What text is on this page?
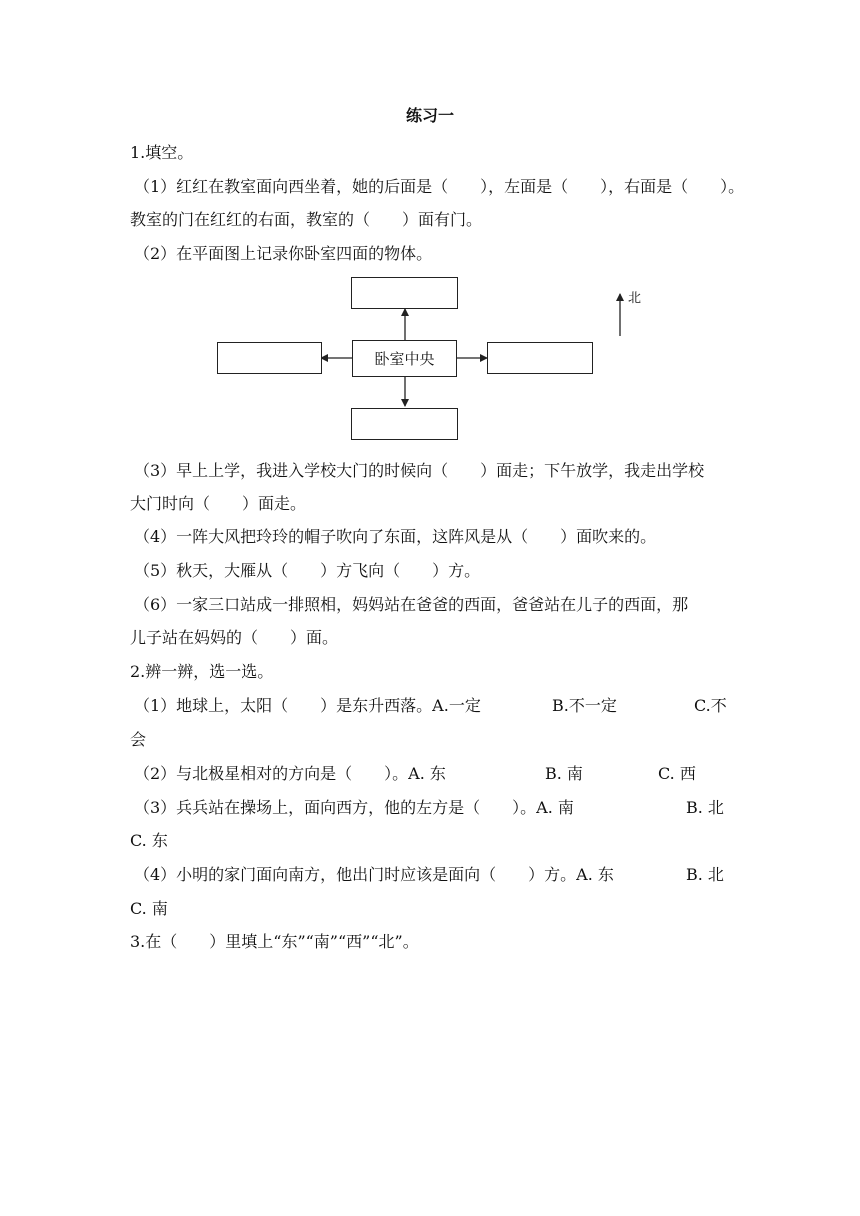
练习一
1.填空。
（1）红红在教室面向西坐着，她的后面是（　　），左面是（　　），右面是（　　）。
教室的门在红红的右面，教室的（　　）面有门。
（2）在平面图上记录你卧室四面的物体。
卧室中央
北
（3）早上上学，我进入学校大门的时候向（　　）面走；下午放学，我走出学校
大门时向（　　）面走。
（4）一阵大风把玲玲的帽子吹向了东面，这阵风是从（　　）面吹来的。
（5）秋天，大雁从（　　）方飞向（　　）方。
（6）一家三口站成一排照相，妈妈站在爸爸的西面，爸爸站在儿子的西面，那
儿子站在妈妈的（　　）面。
2.辨一辨，选一选。
（1）地球上，太阳（　　）是东升西落。A.一定	B.不一定	C.不
会
（2）与北极星相对的方向是（　　）。A. 东	B. 南	C. 西
（3）兵兵站在操场上，面向西方，他的左方是（　　）。A. 南	B. 北
C. 东
（4）小明的家门面向南方，他出门时应该是面向（　　）方。A. 东	B. 北
C. 南
3.在（　　）里填上“东”“南”“西”“北”。
